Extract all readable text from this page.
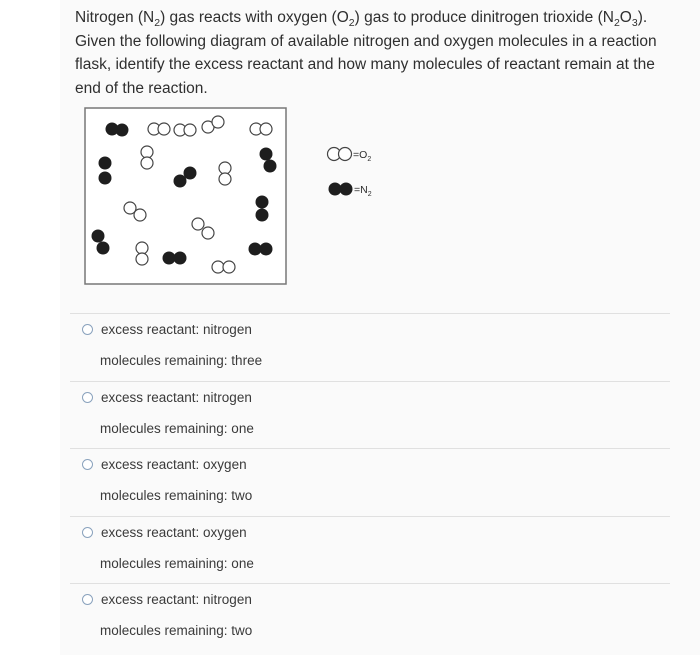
Nitrogen $(N_2)$ gas reacts with oxygen $(O_2)$ gas to produce dinitrogen trioxide $(N_2O_3)$. Given the following diagram of available nitrogen and oxygen molecules in a reaction flask, identify the excess reactant and how many molecules of reactant remain at the end of the reaction.
$=O_2$
$=N_2$
excess reactant: nitrogen
molecules remaining: three
excess reactant: nitrogen
molecules remaining: one
excess reactant: oxygen
molecules remaining: two
excess reactant: oxygen
molecules remaining: one
excess reactant: nitrogen
molecules remaining: two
